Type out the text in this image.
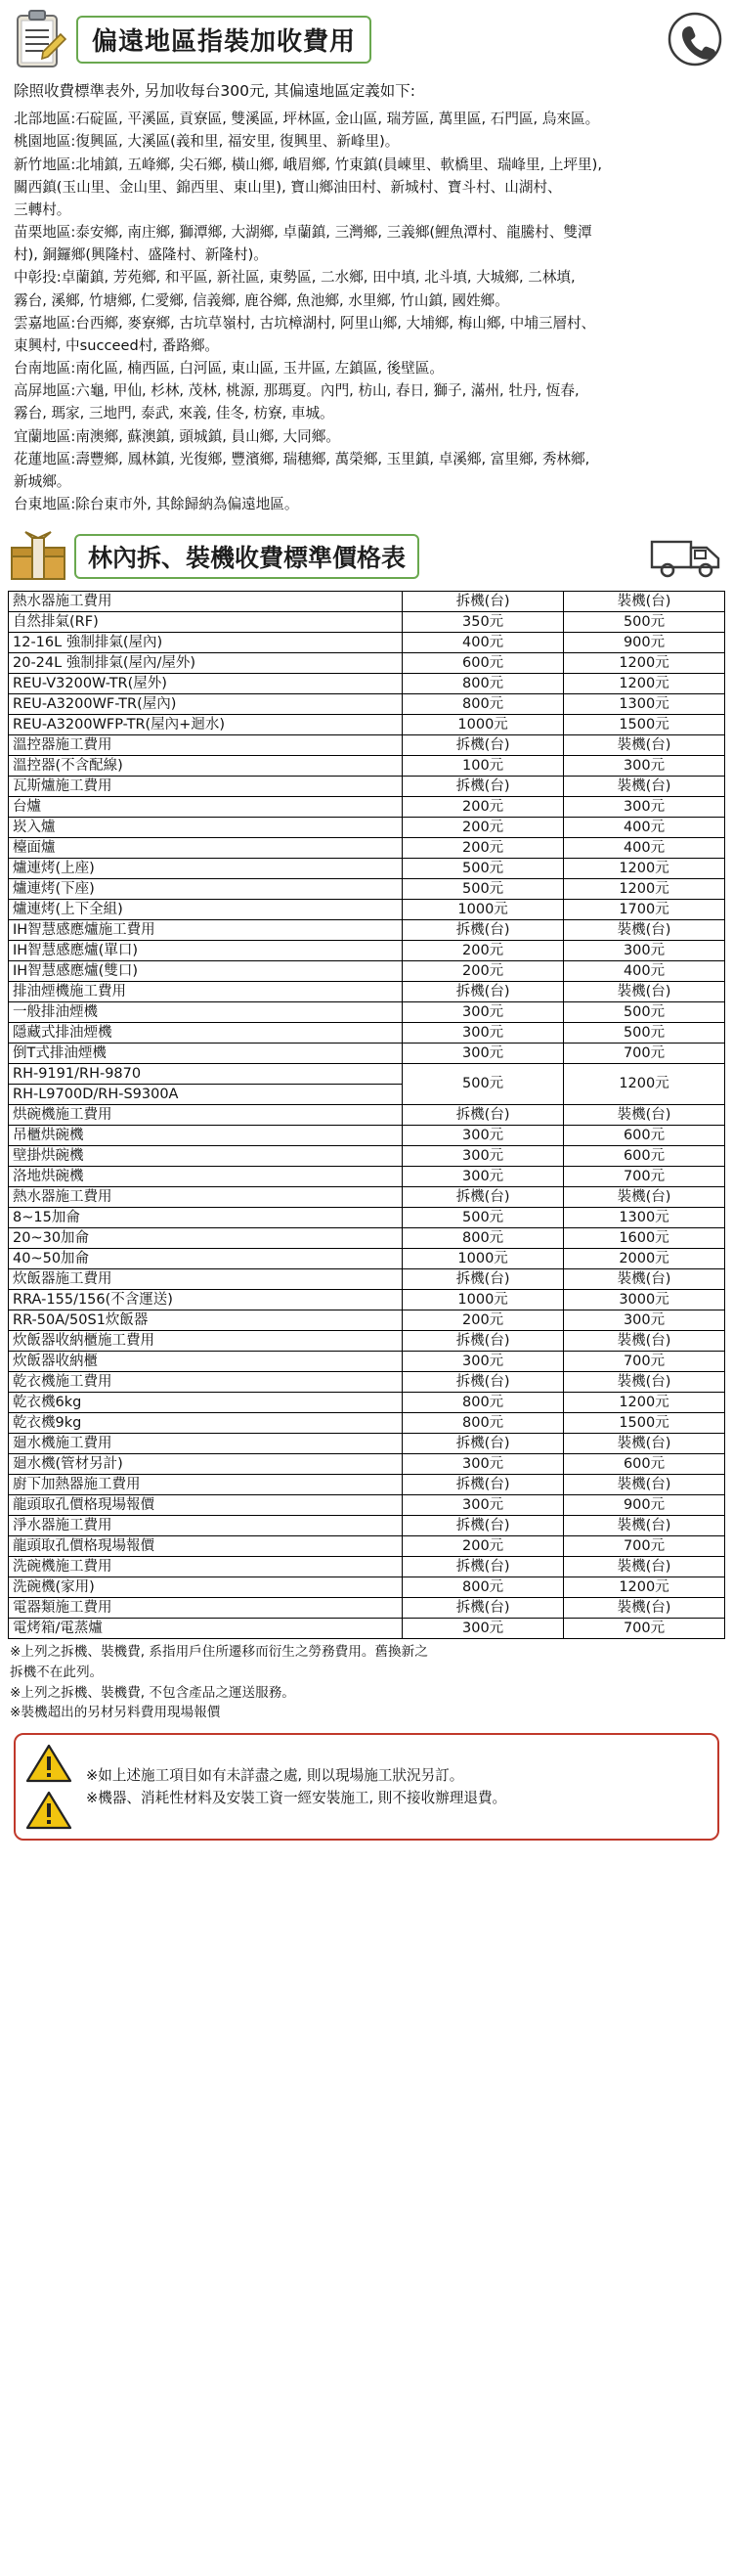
偏遠地區指裝加收費用
除照收費標準表外, 另加收每台300元, 其偏遠地區定義如下:
北部地區:石碇區, 平溪區, 貢寮區, 雙溪區, 坪林區, 金山區, 瑞芳區, 萬里區, 石門區, 烏來區。
桃園地區:復興區, 大溪區(義和里, 福安里, 復興里、新峰里)。
新竹地區:北埔鎮, 五峰鄉, 尖石鄉, 橫山鄉, 峨眉鄉, 竹東鎮(員崠里、軟橋里、瑞峰里, 上坪里),
關西鎮(玉山里、金山里、錦西里、東山里), 寶山鄉油田村、新城村、寶斗村、山湖村、
三轉村。
苗栗地區:泰安鄉, 南庄鄉, 獅潭鄉, 大湖鄉, 卓蘭鎮, 三灣鄉, 三義鄉(鯉魚潭村、龍騰村、雙潭
村), 銅鑼鄉(興隆村、盛隆村、新隆村)。
中彰投:卓蘭鎮, 芳苑鄉, 和平區, 新社區, 東勢區, 二水鄉, 田中填, 北斗填, 大城鄉, 二林填,
霧台, 溪鄉, 竹塘鄉, 仁愛鄉, 信義鄉, 鹿谷鄉, 魚池鄉, 水里鄉, 竹山鎮, 國姓鄉。
雲嘉地區:台西鄉, 麥寮鄉, 古坑草嶺村, 古坑樟湖村, 阿里山鄉, 大埔鄉, 梅山鄉, 中埔三層村、
東興村, 中succeed村, 番路鄉。
台南地區:南化區, 楠西區, 白河區, 東山區, 玉井區, 左鎮區, 後壁區。
高屏地區:六龜, 甲仙, 杉林, 茂林, 桃源, 那瑪夏。內門, 枋山, 春日, 獅子, 滿州, 牡丹, 恆春,
霧台, 瑪家, 三地門, 泰武, 來義, 佳冬, 枋寮, 車城。
宜蘭地區:南澳鄉, 蘇澳鎮, 頭城鎮, 員山鄉, 大同鄉。
花蓮地區:壽豐鄉, 鳳林鎮, 光復鄉, 豐濱鄉, 瑞穗鄉, 萬榮鄉, 玉里鎮, 卓溪鄉, 富里鄉, 秀林鄉,
新城鄉。
台東地區:除台東市外, 其餘歸納為偏遠地區。
林內拆、裝機收費標準價格表
熱水器施工費用	拆機(台)	裝機(台)
自然排氣(RF)	350元	500元
12-16L 強制排氣(屋內)	400元	900元
20-24L 強制排氣(屋內/屋外)	600元	1200元
REU-V3200W-TR(屋外)	800元	1200元
REU-A3200WF-TR(屋內)	800元	1300元
REU-A3200WFP-TR(屋內+迴水)	1000元	1500元
溫控器施工費用	拆機(台)	裝機(台)
溫控器(不含配線)	100元	300元
瓦斯爐施工費用	拆機(台)	裝機(台)
台爐	200元	300元
崁入爐	200元	400元
檯面爐	200元	400元
爐連烤(上座)	500元	1200元
爐連烤(下座)	500元	1200元
爐連烤(上下全組)	1000元	1700元
IH智慧感應爐施工費用	拆機(台)	裝機(台)
IH智慧感應爐(單口)	200元	300元
IH智慧感應爐(雙口)	200元	400元
排油煙機施工費用	拆機(台)	裝機(台)
一般排油煙機	300元	500元
隱藏式排油煙機	300元	500元
倒T式排油煙機	300元	700元
RH-9191/RH-9870	500元	1200元
RH-L9700D/RH-S9300A		
烘碗機施工費用	拆機(台)	裝機(台)
吊櫃烘碗機	300元	600元
壁掛烘碗機	300元	600元
洛地烘碗機	300元	700元
熱水器施工費用	拆機(台)	裝機(台)
8~15加侖	500元	1300元
20~30加侖	800元	1600元
40~50加侖	1000元	2000元
炊飯器施工費用	拆機(台)	裝機(台)
RRA-155/156(不含運送)	1000元	3000元
RR-50A/50S1炊飯器	200元	300元
炊飯器收納櫃施工費用	拆機(台)	裝機(台)
炊飯器收納櫃	300元	700元
乾衣機施工費用	拆機(台)	裝機(台)
乾衣機6kg	800元	1200元
乾衣機9kg	800元	1500元
廻水機施工費用	拆機(台)	裝機(台)
廻水機(管材另計)	300元	600元
廚下加熱器施工費用	拆機(台)	裝機(台)
龍頭取孔價格現場報價	300元	900元
淨水器施工費用	拆機(台)	裝機(台)
龍頭取孔價格現場報價	200元	700元
洗碗機施工費用	拆機(台)	裝機(台)
洗碗機(家用)	800元	1200元
電器類施工費用	拆機(台)	裝機(台)
電烤箱/電蒸爐	300元	700元
※上列之拆機、裝機費, 系指用戶住所遷移而衍生之勞務費用。舊換新之
拆機不在此列。
※上列之拆機、裝機費, 不包含產品之運送服務。
※裝機超出的另材另料費用現場報價
※如上述施工項目如有未詳盡之處, 則以現場施工狀況另訂。
※機器、消耗性材料及安裝工資一經安裝施工, 則不接收辦理退費。
